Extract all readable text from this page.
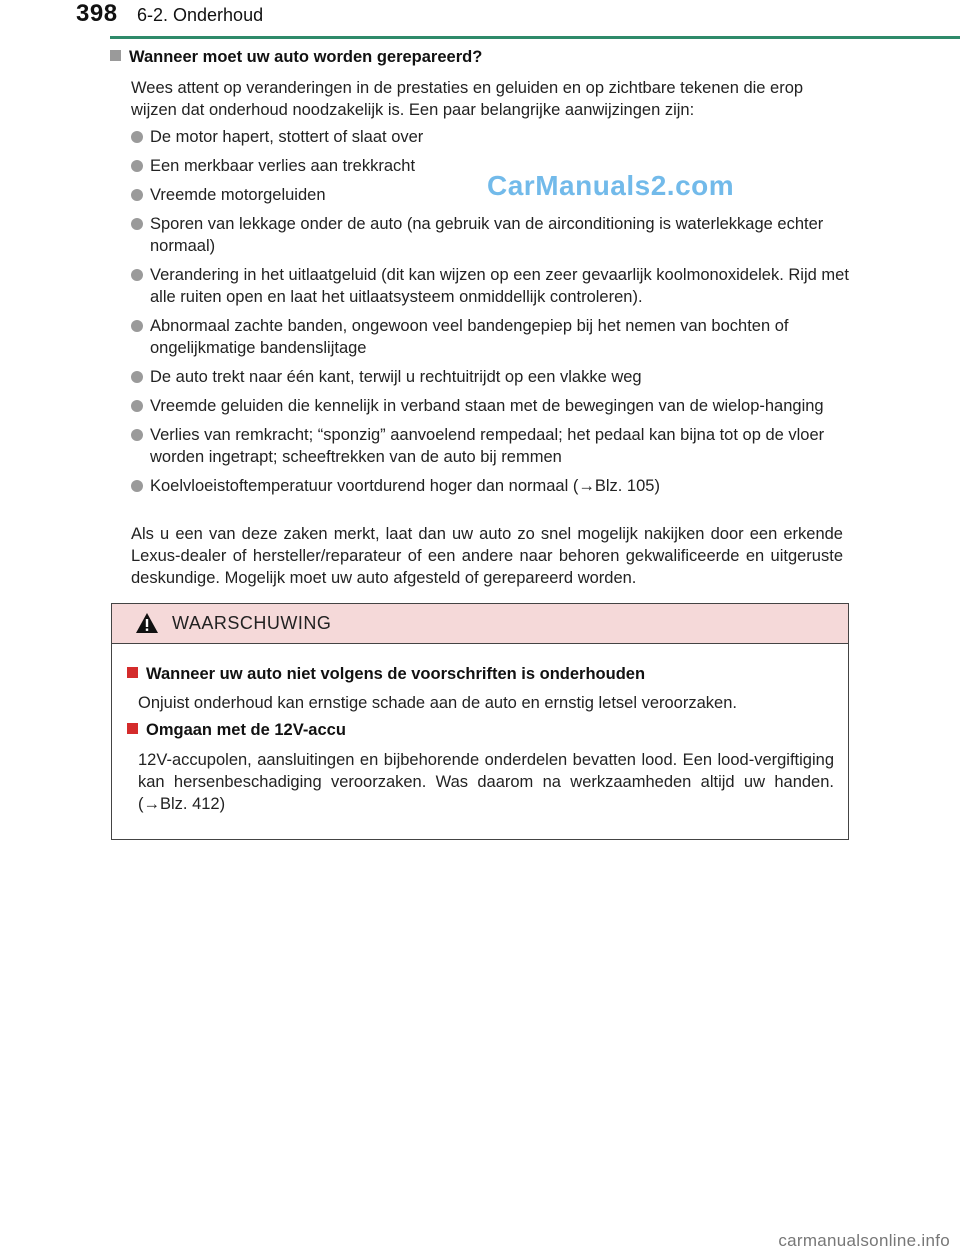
398 6-2. Onderhoud
Wanneer moet uw auto worden gerepareerd?
Wees attent op veranderingen in de prestaties en geluiden en op zichtbare tekenen die erop wijzen dat onderhoud noodzakelijk is. Een paar belangrijke aanwijzingen zijn:
De motor hapert, stottert of slaat over
Een merkbaar verlies aan trekkracht
Vreemde motorgeluiden
Sporen van lekkage onder de auto (na gebruik van de airconditioning is waterlekkage echter normaal)
Verandering in het uitlaatgeluid (dit kan wijzen op een zeer gevaarlijk koolmonoxidelek. Rijd met alle ruiten open en laat het uitlaatsysteem onmiddellijk controleren).
Abnormaal zachte banden, ongewoon veel bandengepiep bij het nemen van bochten of ongelijkmatige bandenslijtage
De auto trekt naar één kant, terwijl u rechtuitrijdt op een vlakke weg
Vreemde geluiden die kennelijk in verband staan met de bewegingen van de wielop-hanging
Verlies van remkracht; “sponzig” aanvoelend rempedaal; het pedaal kan bijna tot op de vloer worden ingetrapt; scheeftrekken van de auto bij remmen
Koelvloeistoftemperatuur voortdurend hoger dan normaal (→Blz. 105)
Als u een van deze zaken merkt, laat dan uw auto zo snel mogelijk nakijken door een erkende Lexus-dealer of hersteller/reparateur of een andere naar behoren gekwalificeerde en uitgeruste deskundige. Mogelijk moet uw auto afgesteld of gerepareerd worden.
CarManuals2.com
WAARSCHUWING
Wanneer uw auto niet volgens de voorschriften is onderhouden
Onjuist onderhoud kan ernstige schade aan de auto en ernstig letsel veroorzaken.
Omgaan met de 12V-accu
12V-accupolen, aansluitingen en bijbehorende onderdelen bevatten lood. Een lood-vergiftiging kan hersenbeschadiging veroorzaken. Was daarom na werkzaamheden altijd uw handen. (→Blz. 412)
carmanualsonline.info
